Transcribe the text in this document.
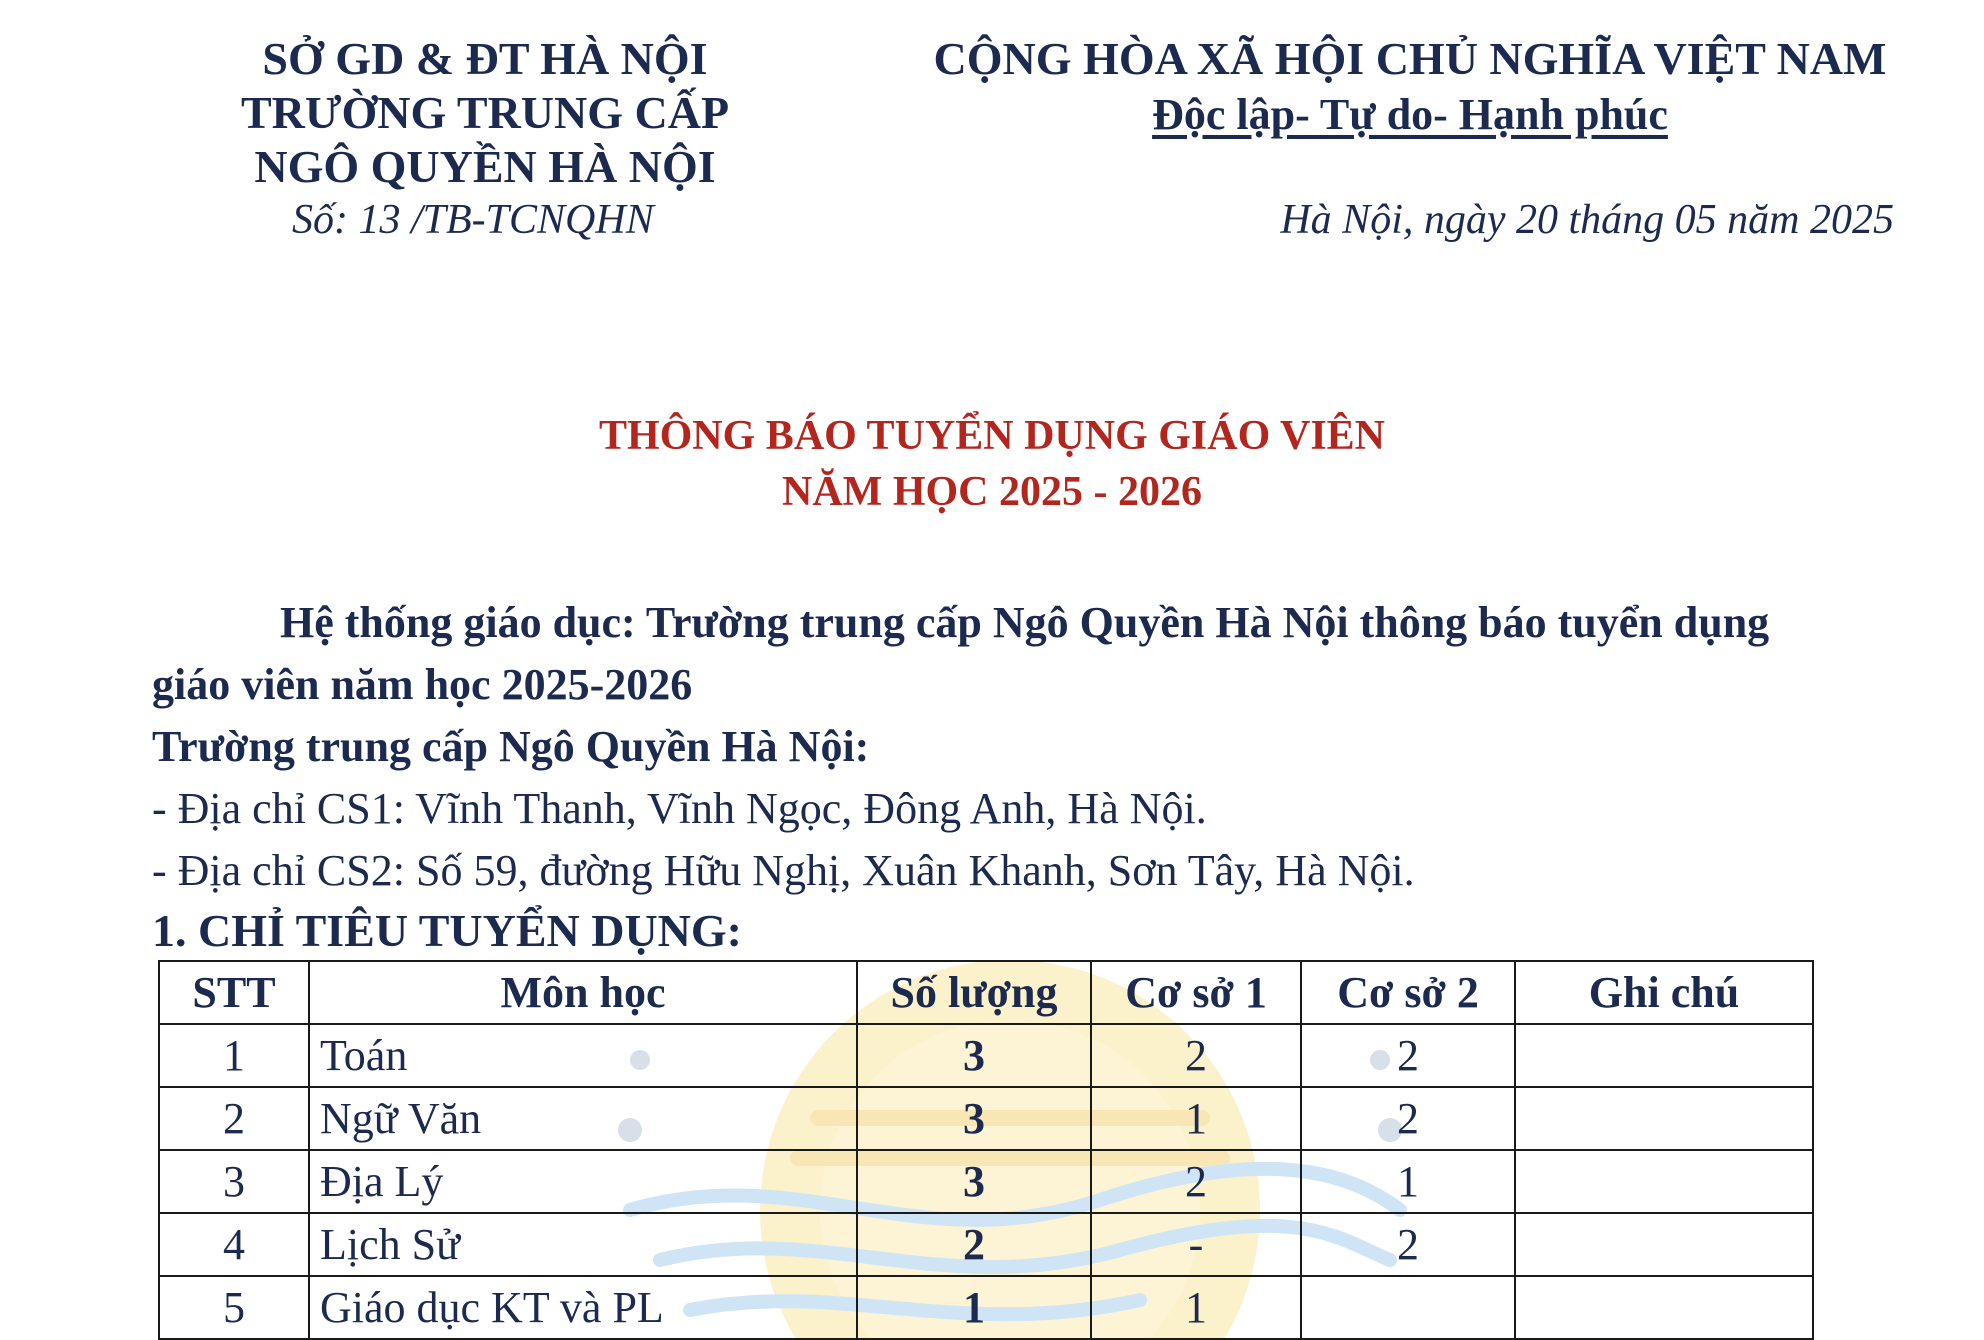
SỞ GD & ĐT HÀ NỘI
TRƯỜNG TRUNG CẤP
NGÔ QUYỀN HÀ NỘI
Số: 13 /TB-TCNQHN
CỘNG HÒA XÃ HỘI CHỦ NGHĨA VIỆT NAM
Độc lập- Tự do- Hạnh phúc
Hà Nội, ngày 20 tháng 05 năm 2025
THÔNG BÁO TUYỂN DỤNG GIÁO VIÊN
NĂM HỌC 2025 - 2026
Hệ thống giáo dục: Trường trung cấp Ngô Quyền Hà Nội thông báo tuyển dụng
giáo viên năm học 2025-2026
Trường trung cấp Ngô Quyền Hà Nội:
- Địa chỉ CS1: Vĩnh Thanh, Vĩnh Ngọc, Đông Anh, Hà Nội.
- Địa chỉ CS2: Số 59, đường Hữu Nghị, Xuân Khanh, Sơn Tây, Hà Nội.
1. CHỈ TIÊU TUYỂN DỤNG:
STT	Môn học	Số lượng	Cơ sở 1	Cơ sở 2	Ghi chú
1	Toán	3	2	2	
2	Ngữ Văn	3	1	2	
3	Địa Lý	3	2	1	
4	Lịch Sử	2	-	2	
5	Giáo dục KT và PL	1	1		
